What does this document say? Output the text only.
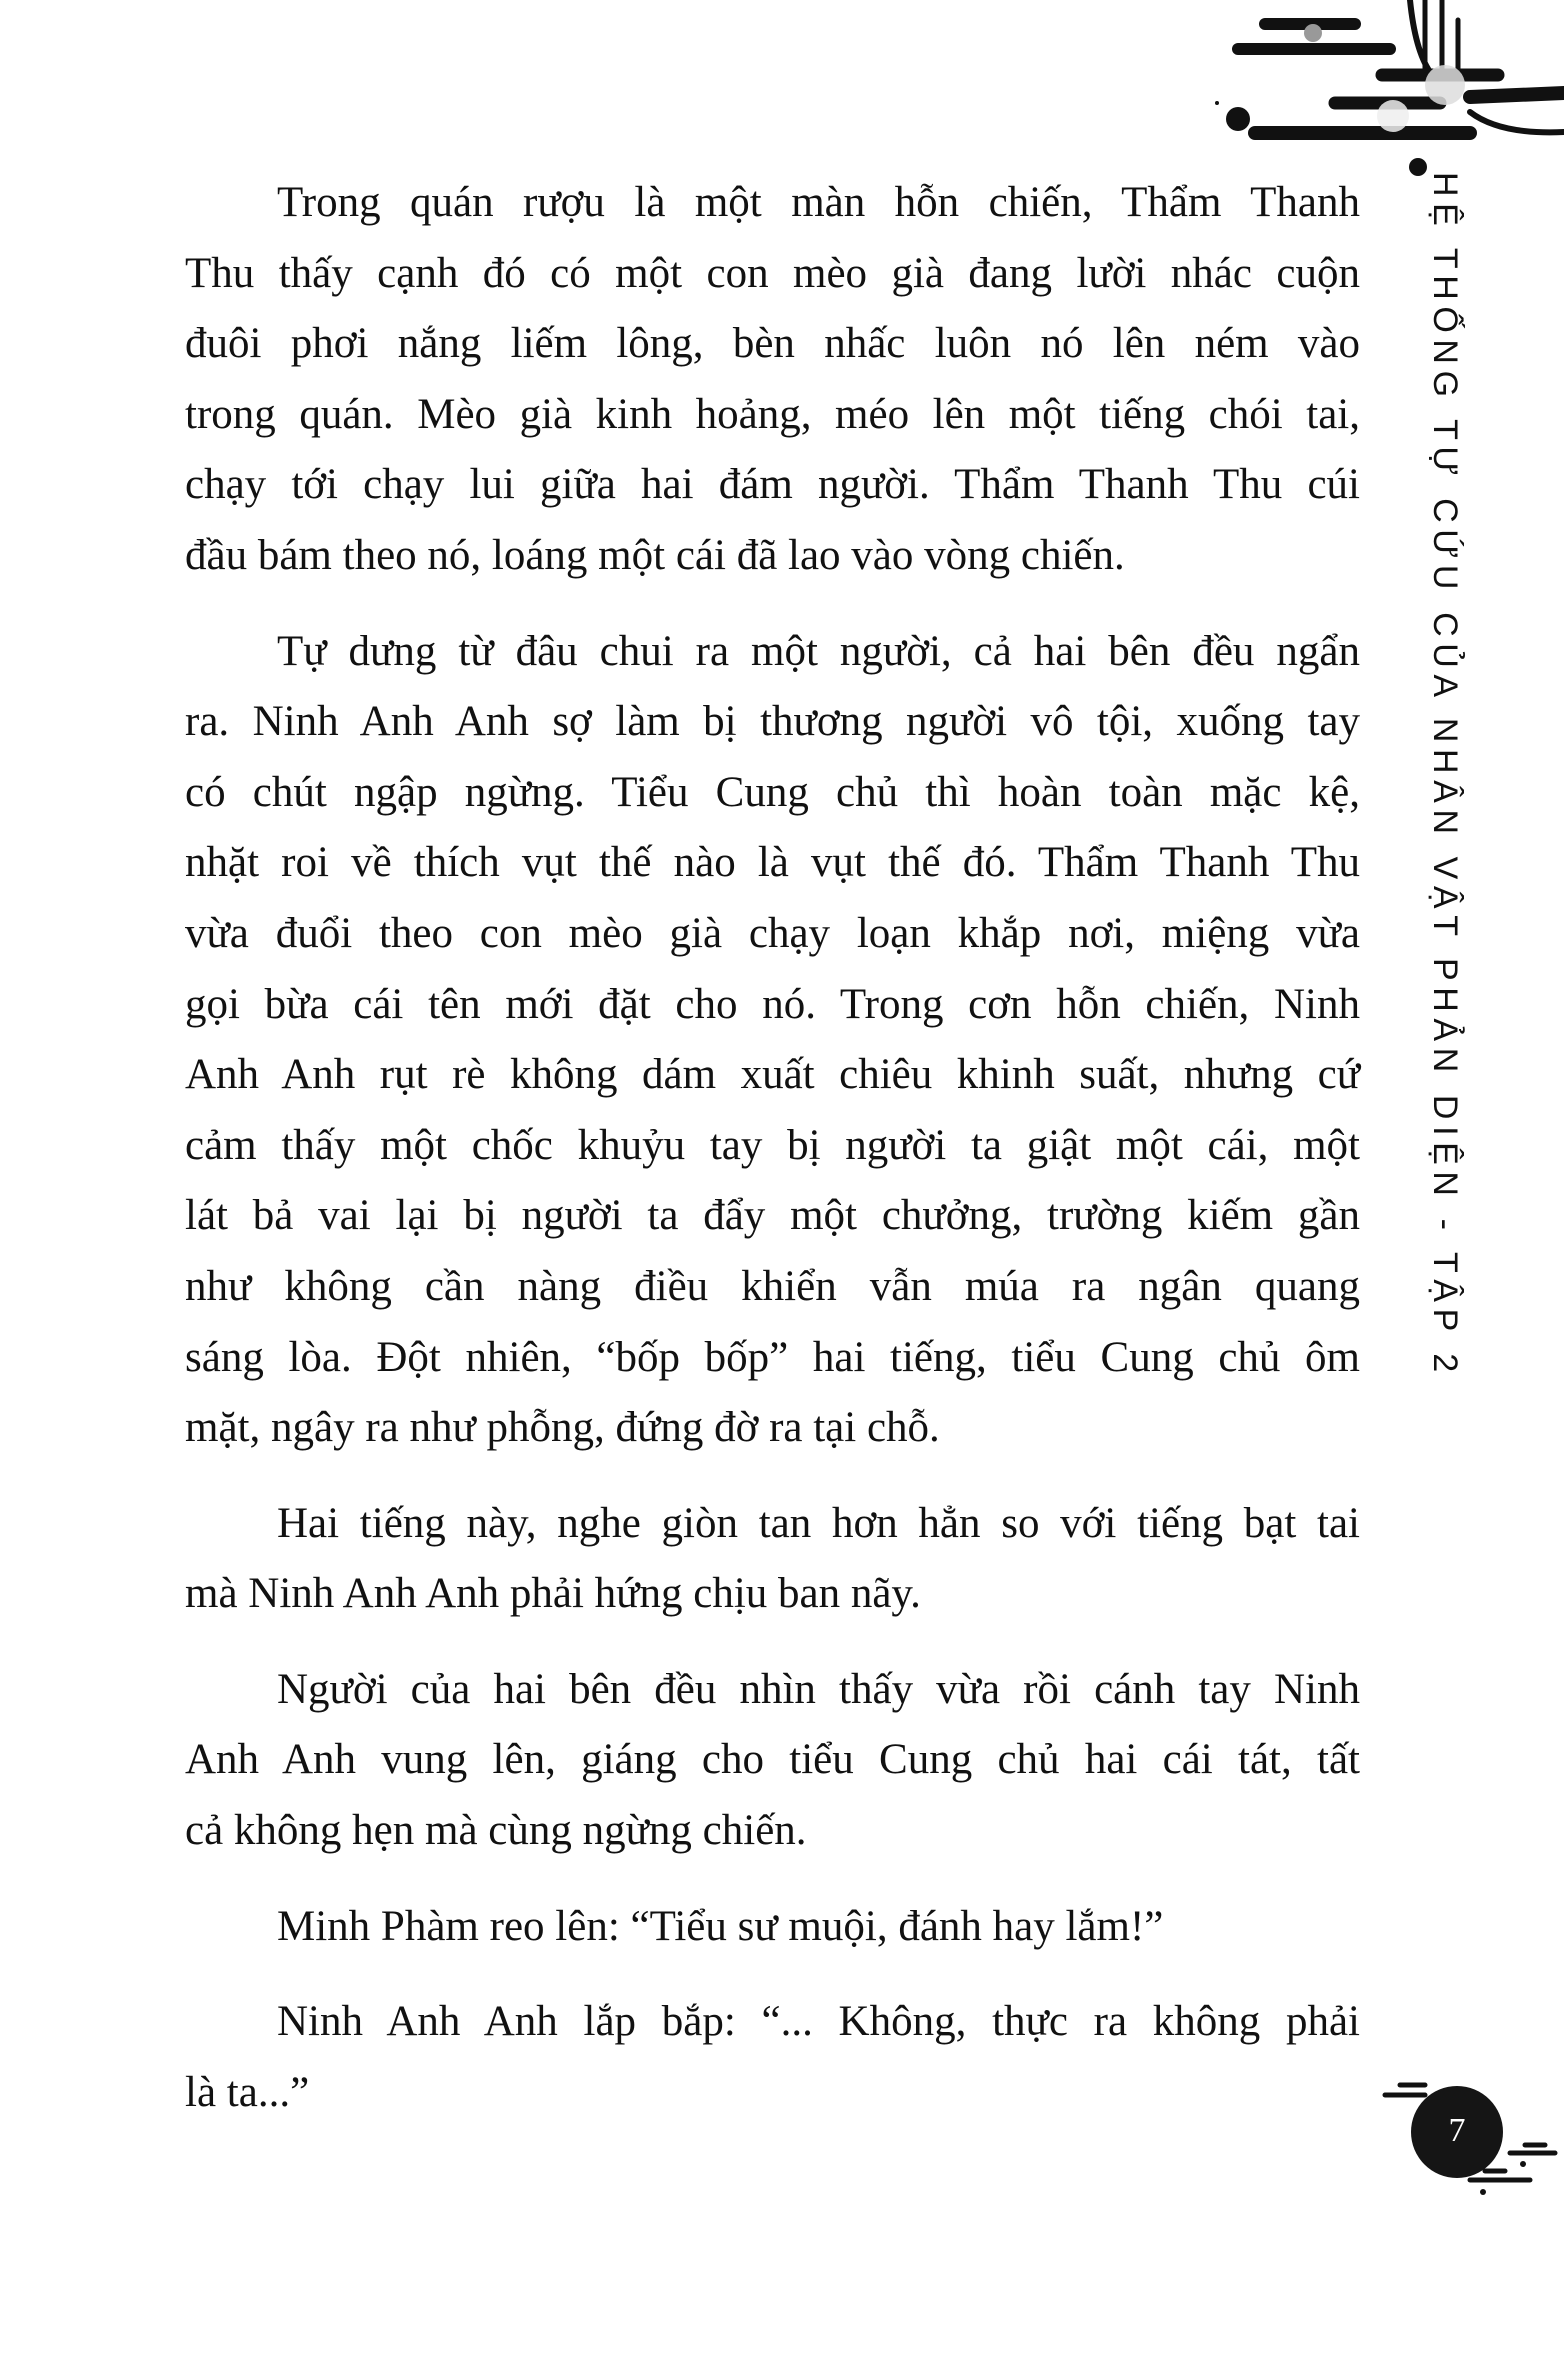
HỆ THỐNG TỰ CỨU CỦA NHÂN VẬT PHẢN DIỆN - TẬP 2
Trong quán rượu là một màn hỗn chiến, Thẩm Thanh
Thu thấy cạnh đó có một con mèo già đang lười nhác cuộn
đuôi phơi nắng liếm lông, bèn nhấc luôn nó lên ném vào
trong quán. Mèo già kinh hoảng, méo lên một tiếng chói tai,
chạy tới chạy lui giữa hai đám người. Thẩm Thanh Thu cúi
đầu bám theo nó, loáng một cái đã lao vào vòng chiến.
Tự dưng từ đâu chui ra một người, cả hai bên đều ngẩn
ra. Ninh Anh Anh sợ làm bị thương người vô tội, xuống tay
có chút ngập ngừng. Tiểu Cung chủ thì hoàn toàn mặc kệ,
nhặt roi về thích vụt thế nào là vụt thế đó. Thẩm Thanh Thu
vừa đuổi theo con mèo già chạy loạn khắp nơi, miệng vừa
gọi bừa cái tên mới đặt cho nó. Trong cơn hỗn chiến, Ninh
Anh Anh rụt rè không dám xuất chiêu khinh suất, nhưng cứ
cảm thấy một chốc khuỷu tay bị người ta giật một cái, một
lát bả vai lại bị người ta đẩy một chưởng, trường kiếm gần
như không cần nàng điều khiển vẫn múa ra ngân quang
sáng lòa. Đột nhiên, “bốp bốp” hai tiếng, tiểu Cung chủ ôm
mặt, ngây ra như phỗng, đứng đờ ra tại chỗ.
Hai tiếng này, nghe giòn tan hơn hẳn so với tiếng bạt tai
mà Ninh Anh Anh phải hứng chịu ban nãy.
Người của hai bên đều nhìn thấy vừa rồi cánh tay Ninh
Anh Anh vung lên, giáng cho tiểu Cung chủ hai cái tát, tất
cả không hẹn mà cùng ngừng chiến.
Minh Phàm reo lên: “Tiểu sư muội, đánh hay lắm!”
Ninh Anh Anh lắp bắp: “... Không, thực ra không phải
là ta...”
7
